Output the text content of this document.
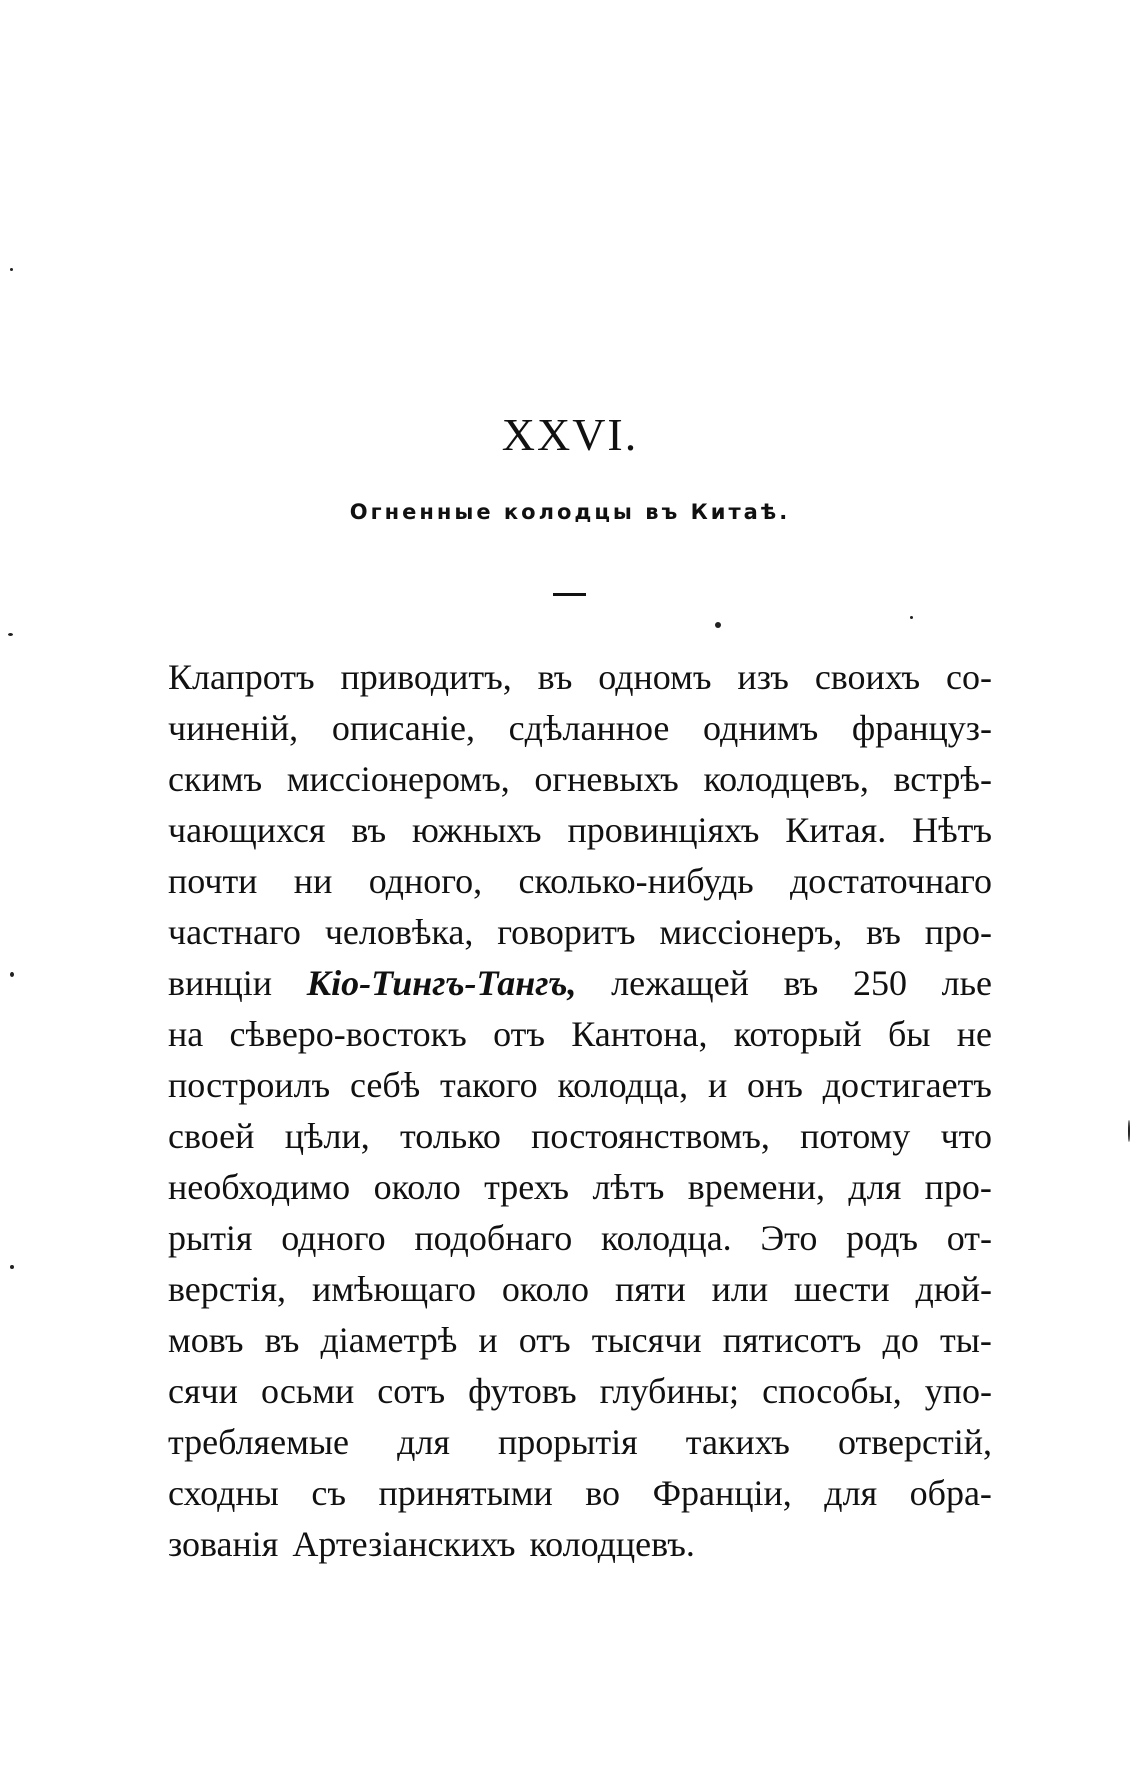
XXVI.
Огненные колодцы въ Китаѣ.
Клапротъ приводитъ, въ одномъ изъ своихъ со-
чиненій, описаніе, сдѣланное однимъ француз-
скимъ миссіонеромъ, огневыхъ колодцевъ, встрѣ-
чающихся въ южныхъ провинціяхъ Китая. Нѣтъ
почти ни одного, сколько-нибудь достаточнаго
частнаго человѣка, говоритъ миссіонеръ, въ про-
винціи Кіо-Тингъ-Тангъ, лежащей въ 250 лье
на сѣверо-востокъ отъ Кантона, который бы не
построилъ себѣ такого колодца, и онъ достигаетъ
своей цѣли, только постоянствомъ, потому что
необходимо около трехъ лѣтъ времени, для про-
рытія одного подобнаго колодца. Это родъ от-
верстія, имѣющаго около пяти или шести дюй-
мовъ въ діаметрѣ и отъ тысячи пятисотъ до ты-
сячи осьми сотъ футовъ глубины; способы, упо-
требляемые для прорытія такихъ отверстій,
сходны съ принятыми во Франціи, для обра-
зованія Артезіанскихъ колодцевъ.
